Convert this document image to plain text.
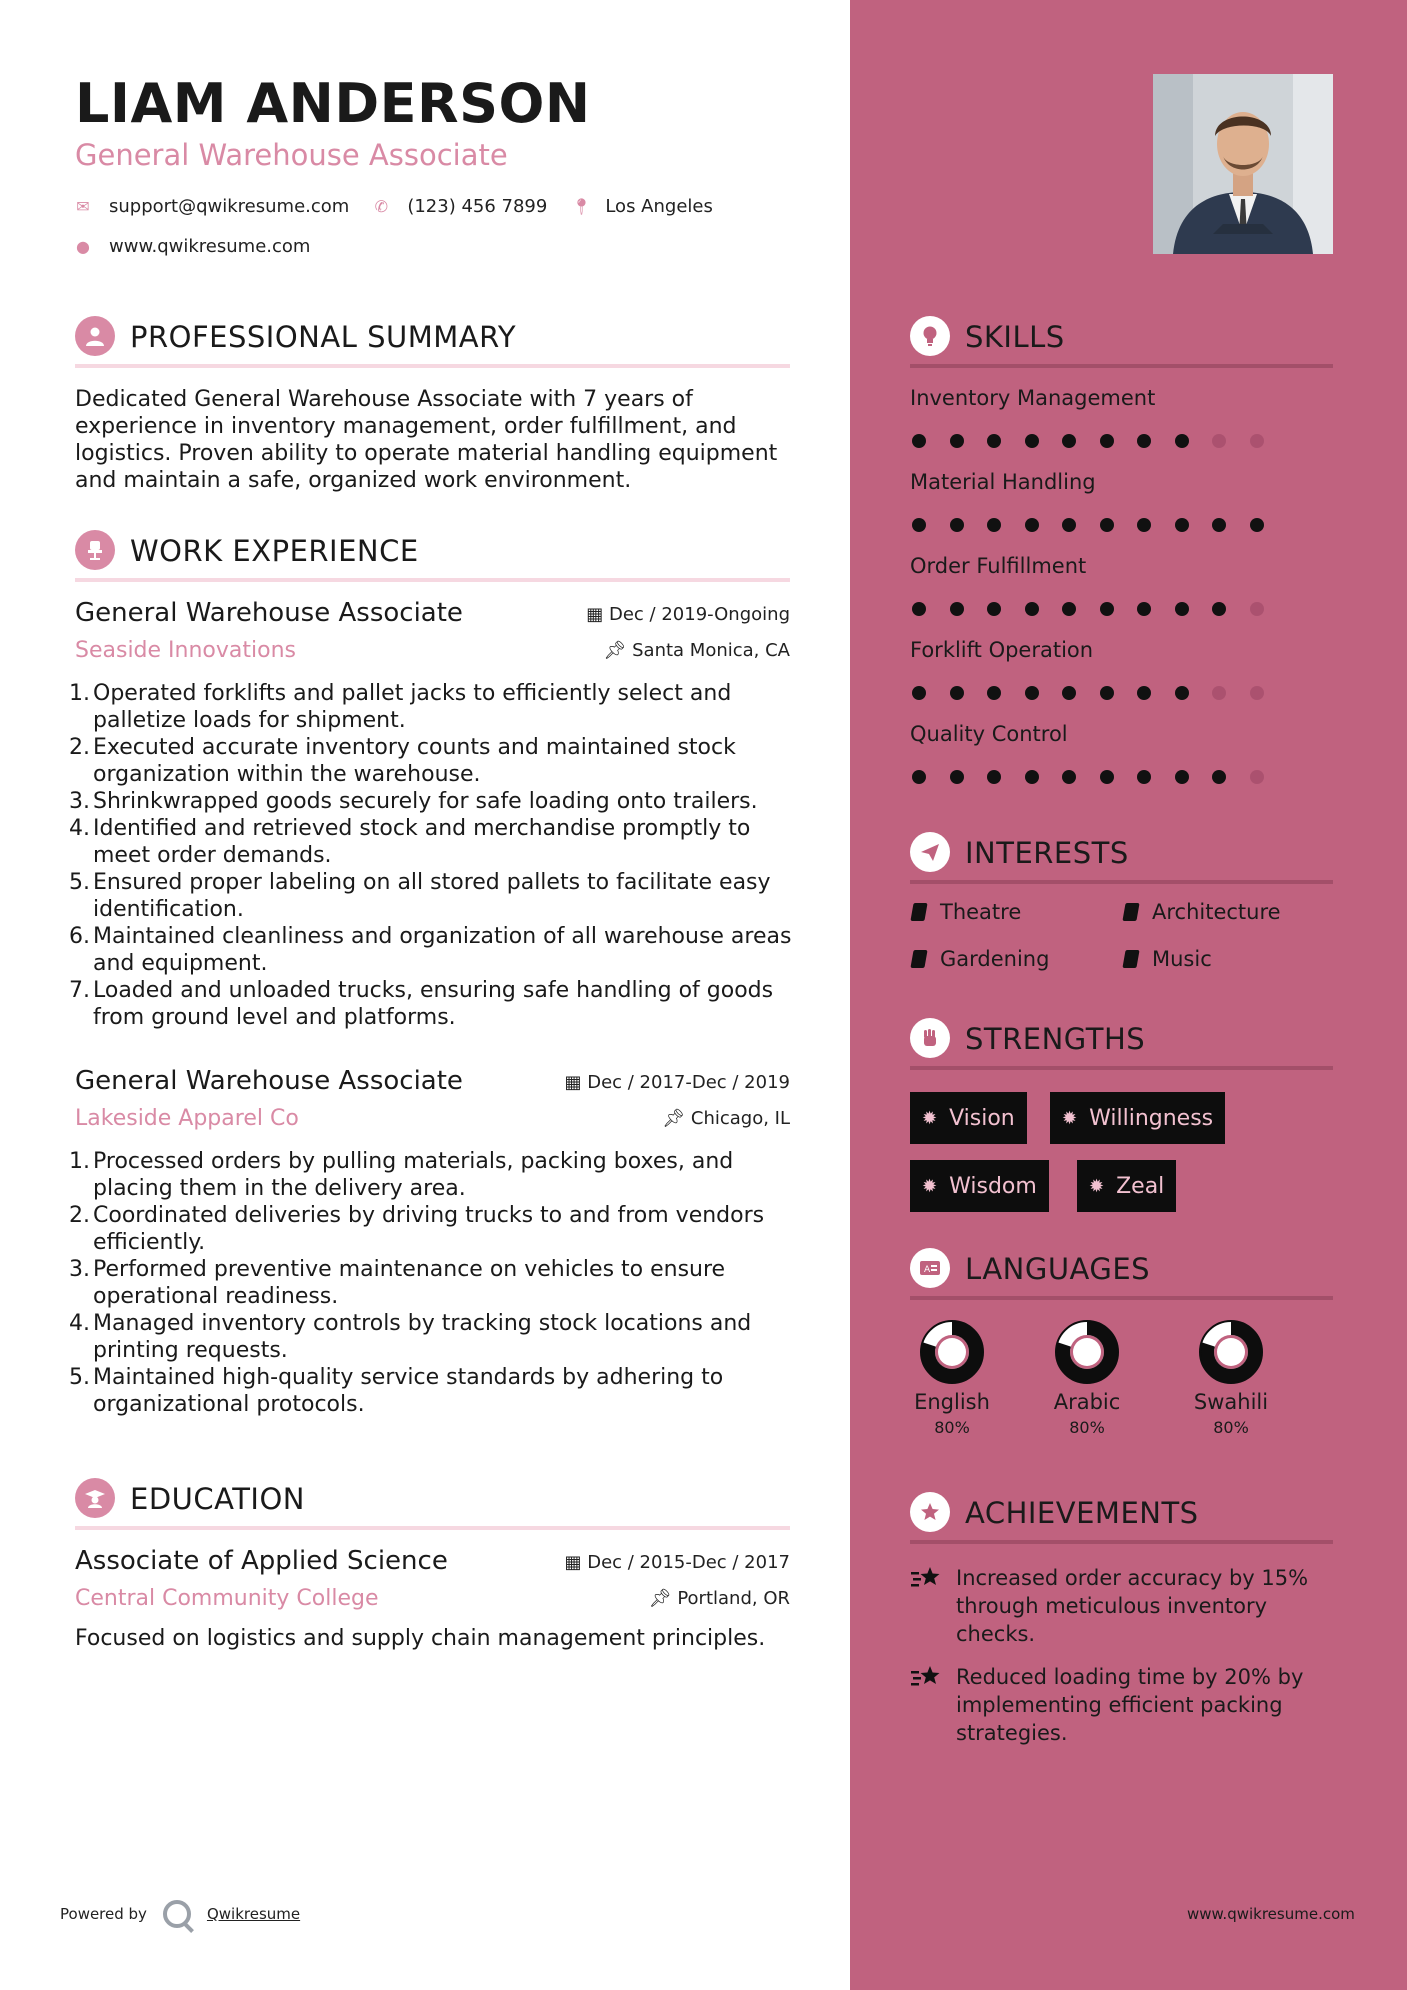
LIAM ANDERSON
General Warehouse Associate
✉ support@qwikresume.com ✆ (123) 456 7899 📍︎ Los Angeles
● www.qwikresume.com
PROFESSIONAL SUMMARY
Dedicated General Warehouse Associate with 7 years of experience in inventory management, order fulfillment, and logistics. Proven ability to operate material handling equipment and maintain a safe, organized work environment.
WORK EXPERIENCE
General Warehouse Associate	▦ Dec / 2019-Ongoing
Seaside Innovations	📌︎ Santa Monica, CA
1. Operated forklifts and pallet jacks to efficiently select and palletize loads for shipment.
2. Executed accurate inventory counts and maintained stock organization within the warehouse.
3. Shrinkwrapped goods securely for safe loading onto trailers.
4. Identified and retrieved stock and merchandise promptly to meet order demands.
5. Ensured proper labeling on all stored pallets to facilitate easy identification.
6. Maintained cleanliness and organization of all warehouse areas and equipment.
7. Loaded and unloaded trucks, ensuring safe handling of goods from ground level and platforms.
General Warehouse Associate	▦ Dec / 2017-Dec / 2019
Lakeside Apparel Co	📌︎ Chicago, IL
1. Processed orders by pulling materials, packing boxes, and placing them in the delivery area.
2. Coordinated deliveries by driving trucks to and from vendors efficiently.
3. Performed preventive maintenance on vehicles to ensure operational readiness.
4. Managed inventory controls by tracking stock locations and printing requests.
5. Maintained high-quality service standards by adhering to organizational protocols.
EDUCATION
Associate of Applied Science	▦ Dec / 2015-Dec / 2017
Central Community College	📌︎ Portland, OR
Focused on logistics and supply chain management principles.
Powered by	Qwikresume	www.qwikresume.com
SKILLS
Inventory Management
Material Handling
Order Fulfillment
Forklift Operation
Quality Control
INTERESTS
Theatre	Architecture
Gardening	Music
STRENGTHS
✹ Vision	✹ Willingness
✹ Wisdom	✹ Zeal
A LANGUAGES
English
80%
Arabic
80%
Swahili
80%
ACHIEVEMENTS
Increased order accuracy by 15% through meticulous inventory checks.
Reduced loading time by 20% by implementing efficient packing strategies.
